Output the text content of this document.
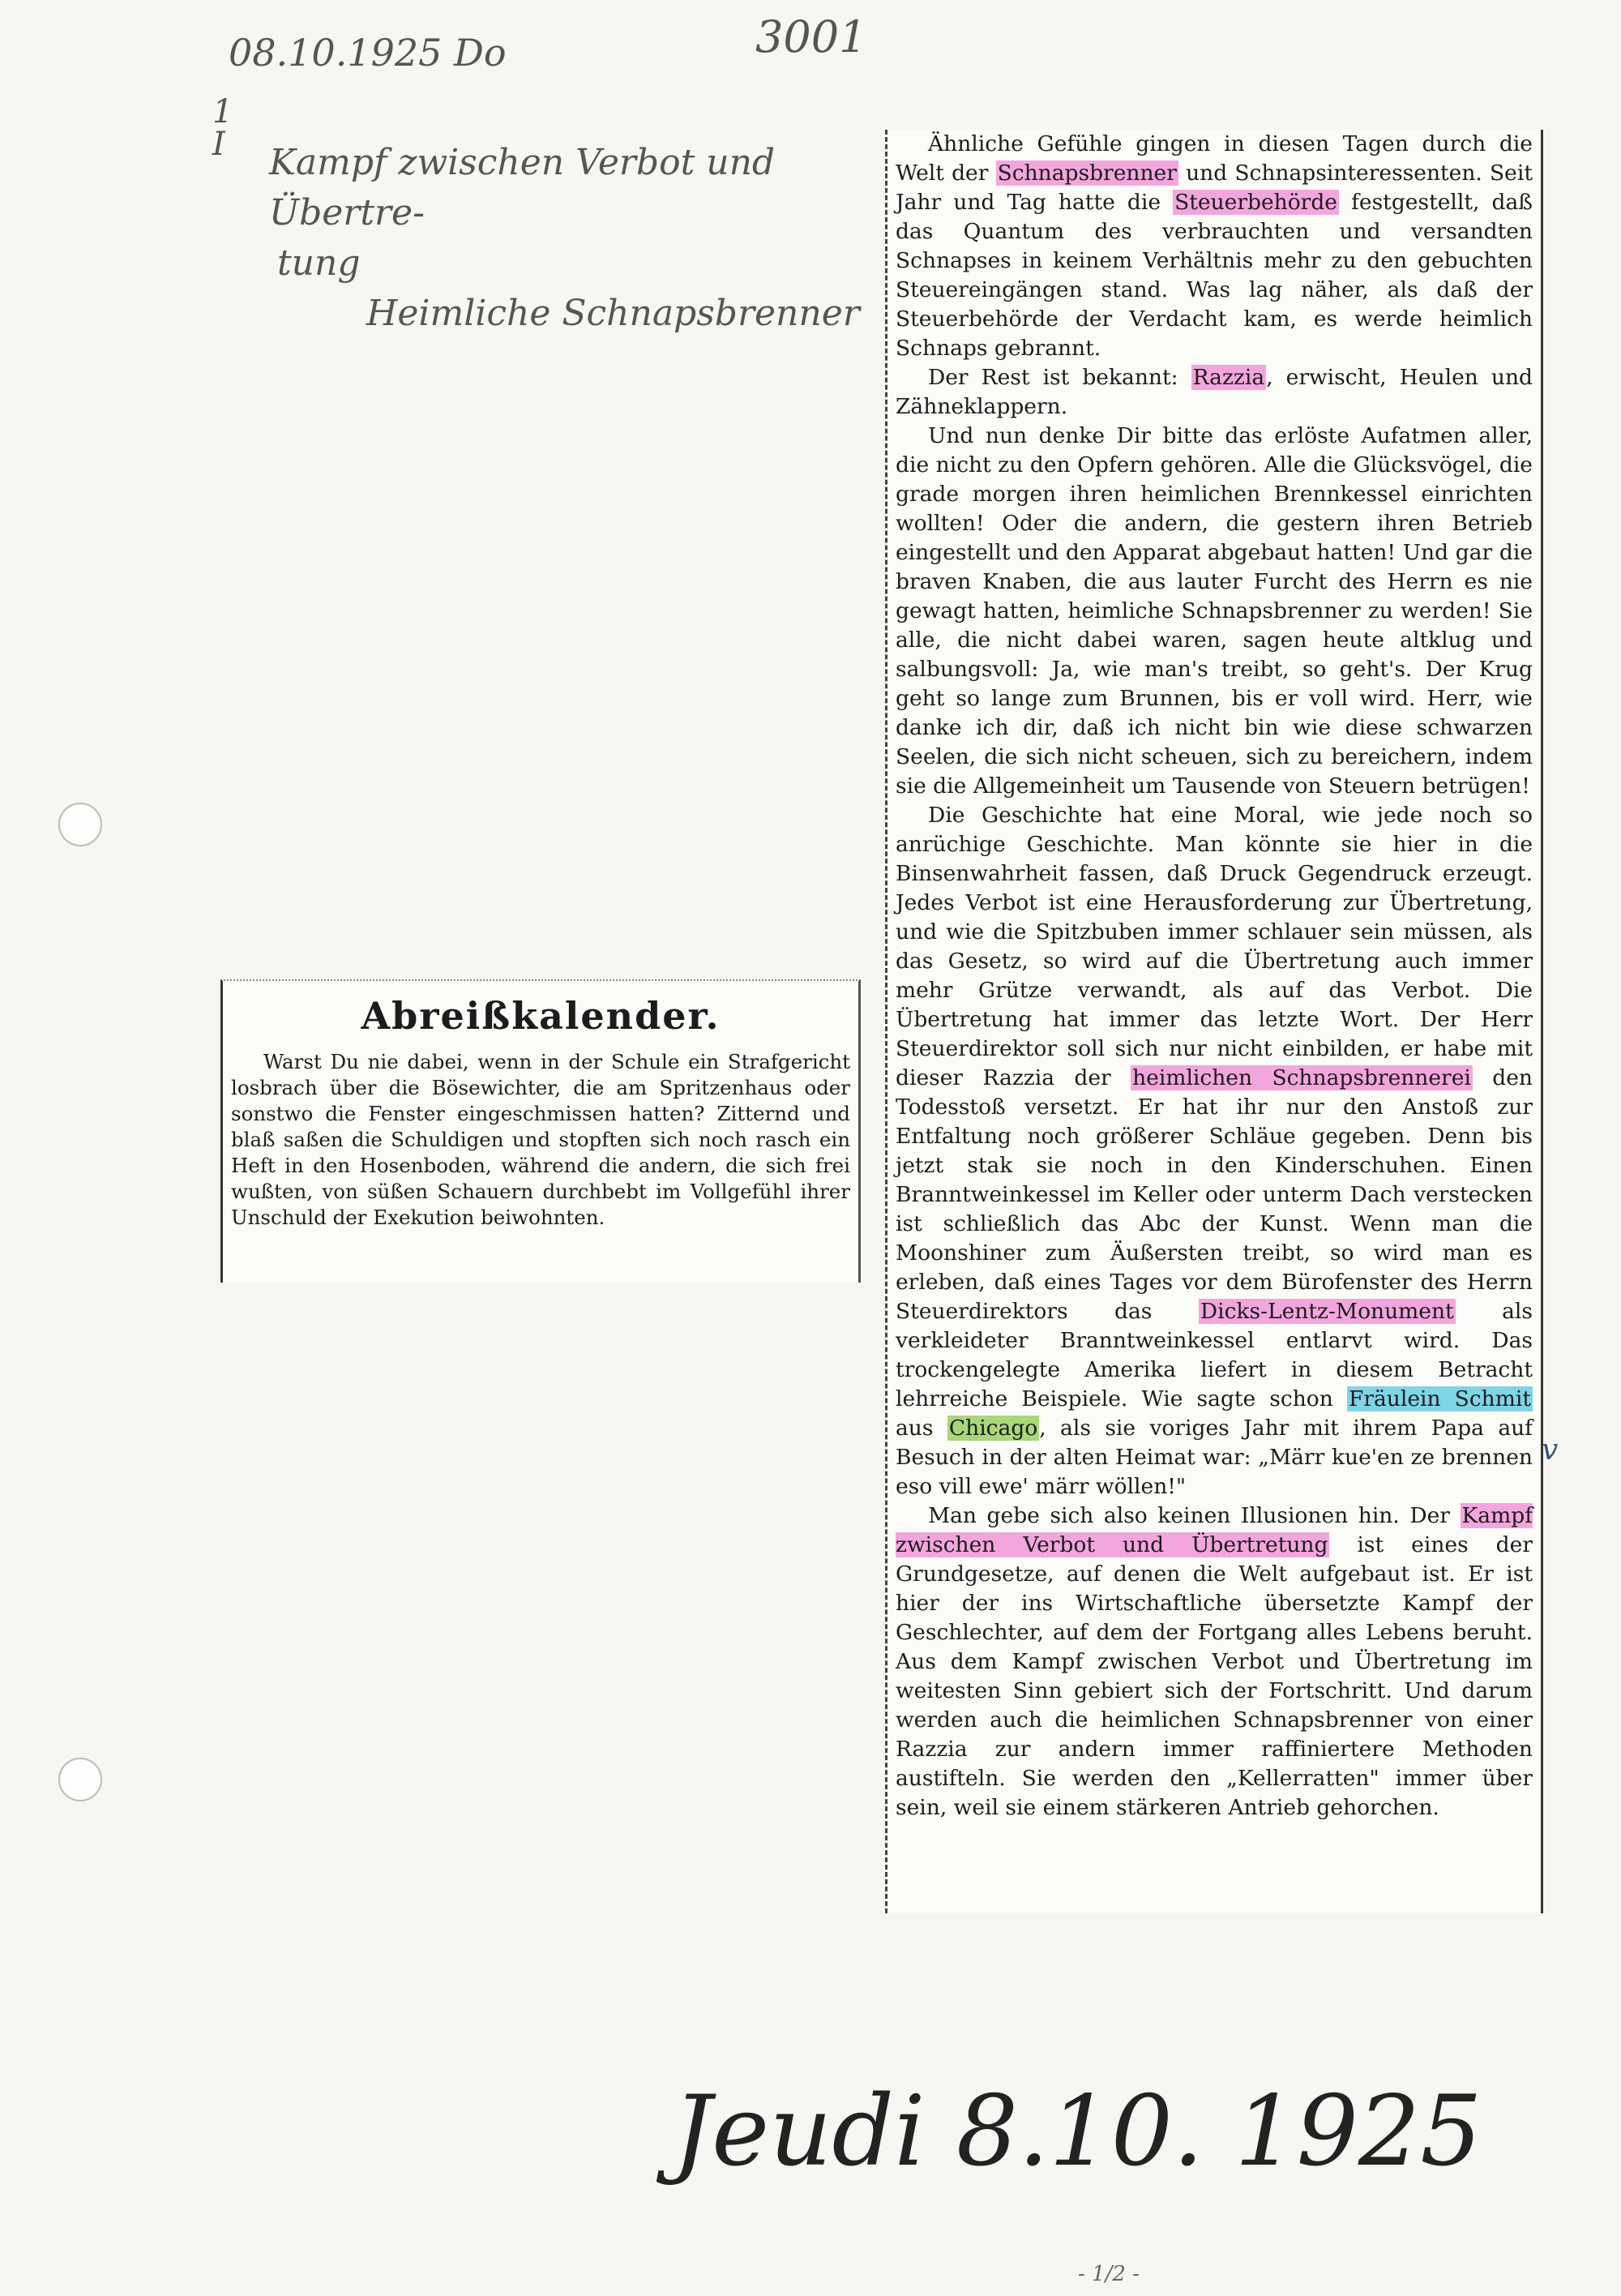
08.10.1925 Do	3001
1
I Kampf zwischen Verbot und Übertre-
tung
Heimliche Schnapsbrenner
Abreißkalender.

Warst Du nie dabei, wenn in der Schule ein Strafgericht losbrach über die Bösewichter, die am Spritzenhaus oder sonstwo die Fenster eingeschmissen hatten? Zitternd und blaß saßen die Schuldigen und stopften sich noch rasch ein Heft in den Hosenboden, während die andern, die sich frei wußten, von süßen Schauern durchbebt im Vollgefühl ihrer Unschuld der Exekution beiwohnten.

Ähnliche Gefühle gingen in diesen Tagen durch die Welt der Schnapsbrenner und Schnapsinteressenten. Seit Jahr und Tag hatte die Steuerbehörde festgestellt, daß das Quantum des verbrauchten und versandten Schnapses in keinem Verhältnis mehr zu den gebuchten Steuereingängen stand. Was lag näher, als daß der Steuerbehörde der Verdacht kam, es werde heimlich Schnaps gebrannt.

Der Rest ist bekannt: Razzia, erwischt, Heulen und Zähneklappern.

Und nun denke Dir bitte das erlöste Aufatmen aller, die nicht zu den Opfern gehören. Alle die Glücksvögel, die grade morgen ihren heimlichen Brennkessel einrichten wollten! Oder die andern, die gestern ihren Betrieb eingestellt und den Apparat abgebaut hatten! Und gar die braven Knaben, die aus lauter Furcht des Herrn es nie gewagt hatten, heimliche Schnapsbrenner zu werden! Sie alle, die nicht dabei waren, sagen heute altklug und salbungsvoll: Ja, wie man's treibt, so geht's. Der Krug geht so lange zum Brunnen, bis er voll wird. Herr, wie danke ich dir, daß ich nicht bin wie diese schwarzen Seelen, die sich nicht scheuen, sich zu bereichern, indem sie die Allgemeinheit um Tausende von Steuern betrügen!

Die Geschichte hat eine Moral, wie jede noch so anrüchige Geschichte. Man könnte sie hier in die Binsenwahrheit fassen, daß Druck Gegendruck erzeugt. Jedes Verbot ist eine Herausforderung zur Übertretung, und wie die Spitzbuben immer schlauer sein müssen, als das Gesetz, so wird auf die Übertretung auch immer mehr Grütze verwandt, als auf das Verbot. Die Übertretung hat immer das letzte Wort. Der Herr Steuerdirektor soll sich nur nicht einbilden, er habe mit dieser Razzia der heimlichen Schnapsbrennerei den Todesstoß versetzt. Er hat ihr nur den Anstoß zur Entfaltung noch größerer Schläue gegeben. Denn bis jetzt stak sie noch in den Kinderschuhen. Einen Branntweinkessel im Keller oder unterm Dach verstecken ist schließlich das Abc der Kunst. Wenn man die Moonshiner zum Äußersten treibt, so wird man es erleben, daß eines Tages vor dem Bürofenster des Herrn Steuerdirektors das Dicks-Lentz-Monument als verkleideter Branntweinkessel entlarvt wird. Das trockengelegte Amerika liefert in diesem Betracht lehrreiche Beispiele. Wie sagte schon Fräulein Schmit aus Chicago, als sie voriges Jahr mit ihrem Papa auf Besuch in der alten Heimat war: „Märr kue'en ze brennen eso vill ewe' märr wöllen!"

Man gebe sich also keinen Illusionen hin. Der Kampf zwischen Verbot und Übertretung ist eines der Grundgesetze, auf denen die Welt aufgebaut ist. Er ist hier der ins Wirtschaftliche übersetzte Kampf der Geschlechter, auf dem der Fortgang alles Lebens beruht. Aus dem Kampf zwischen Verbot und Übertretung im weitesten Sinn gebiert sich der Fortschritt. Und darum werden auch die heimlichen Schnapsbrenner von einer Razzia zur andern immer raffiniertere Methoden austifteln. Sie werden den „Kellerratten" immer über sein, weil sie einem stärkeren Antrieb gehorchen.

v
Jeudi 8.10. 1925
- 1/2 -
